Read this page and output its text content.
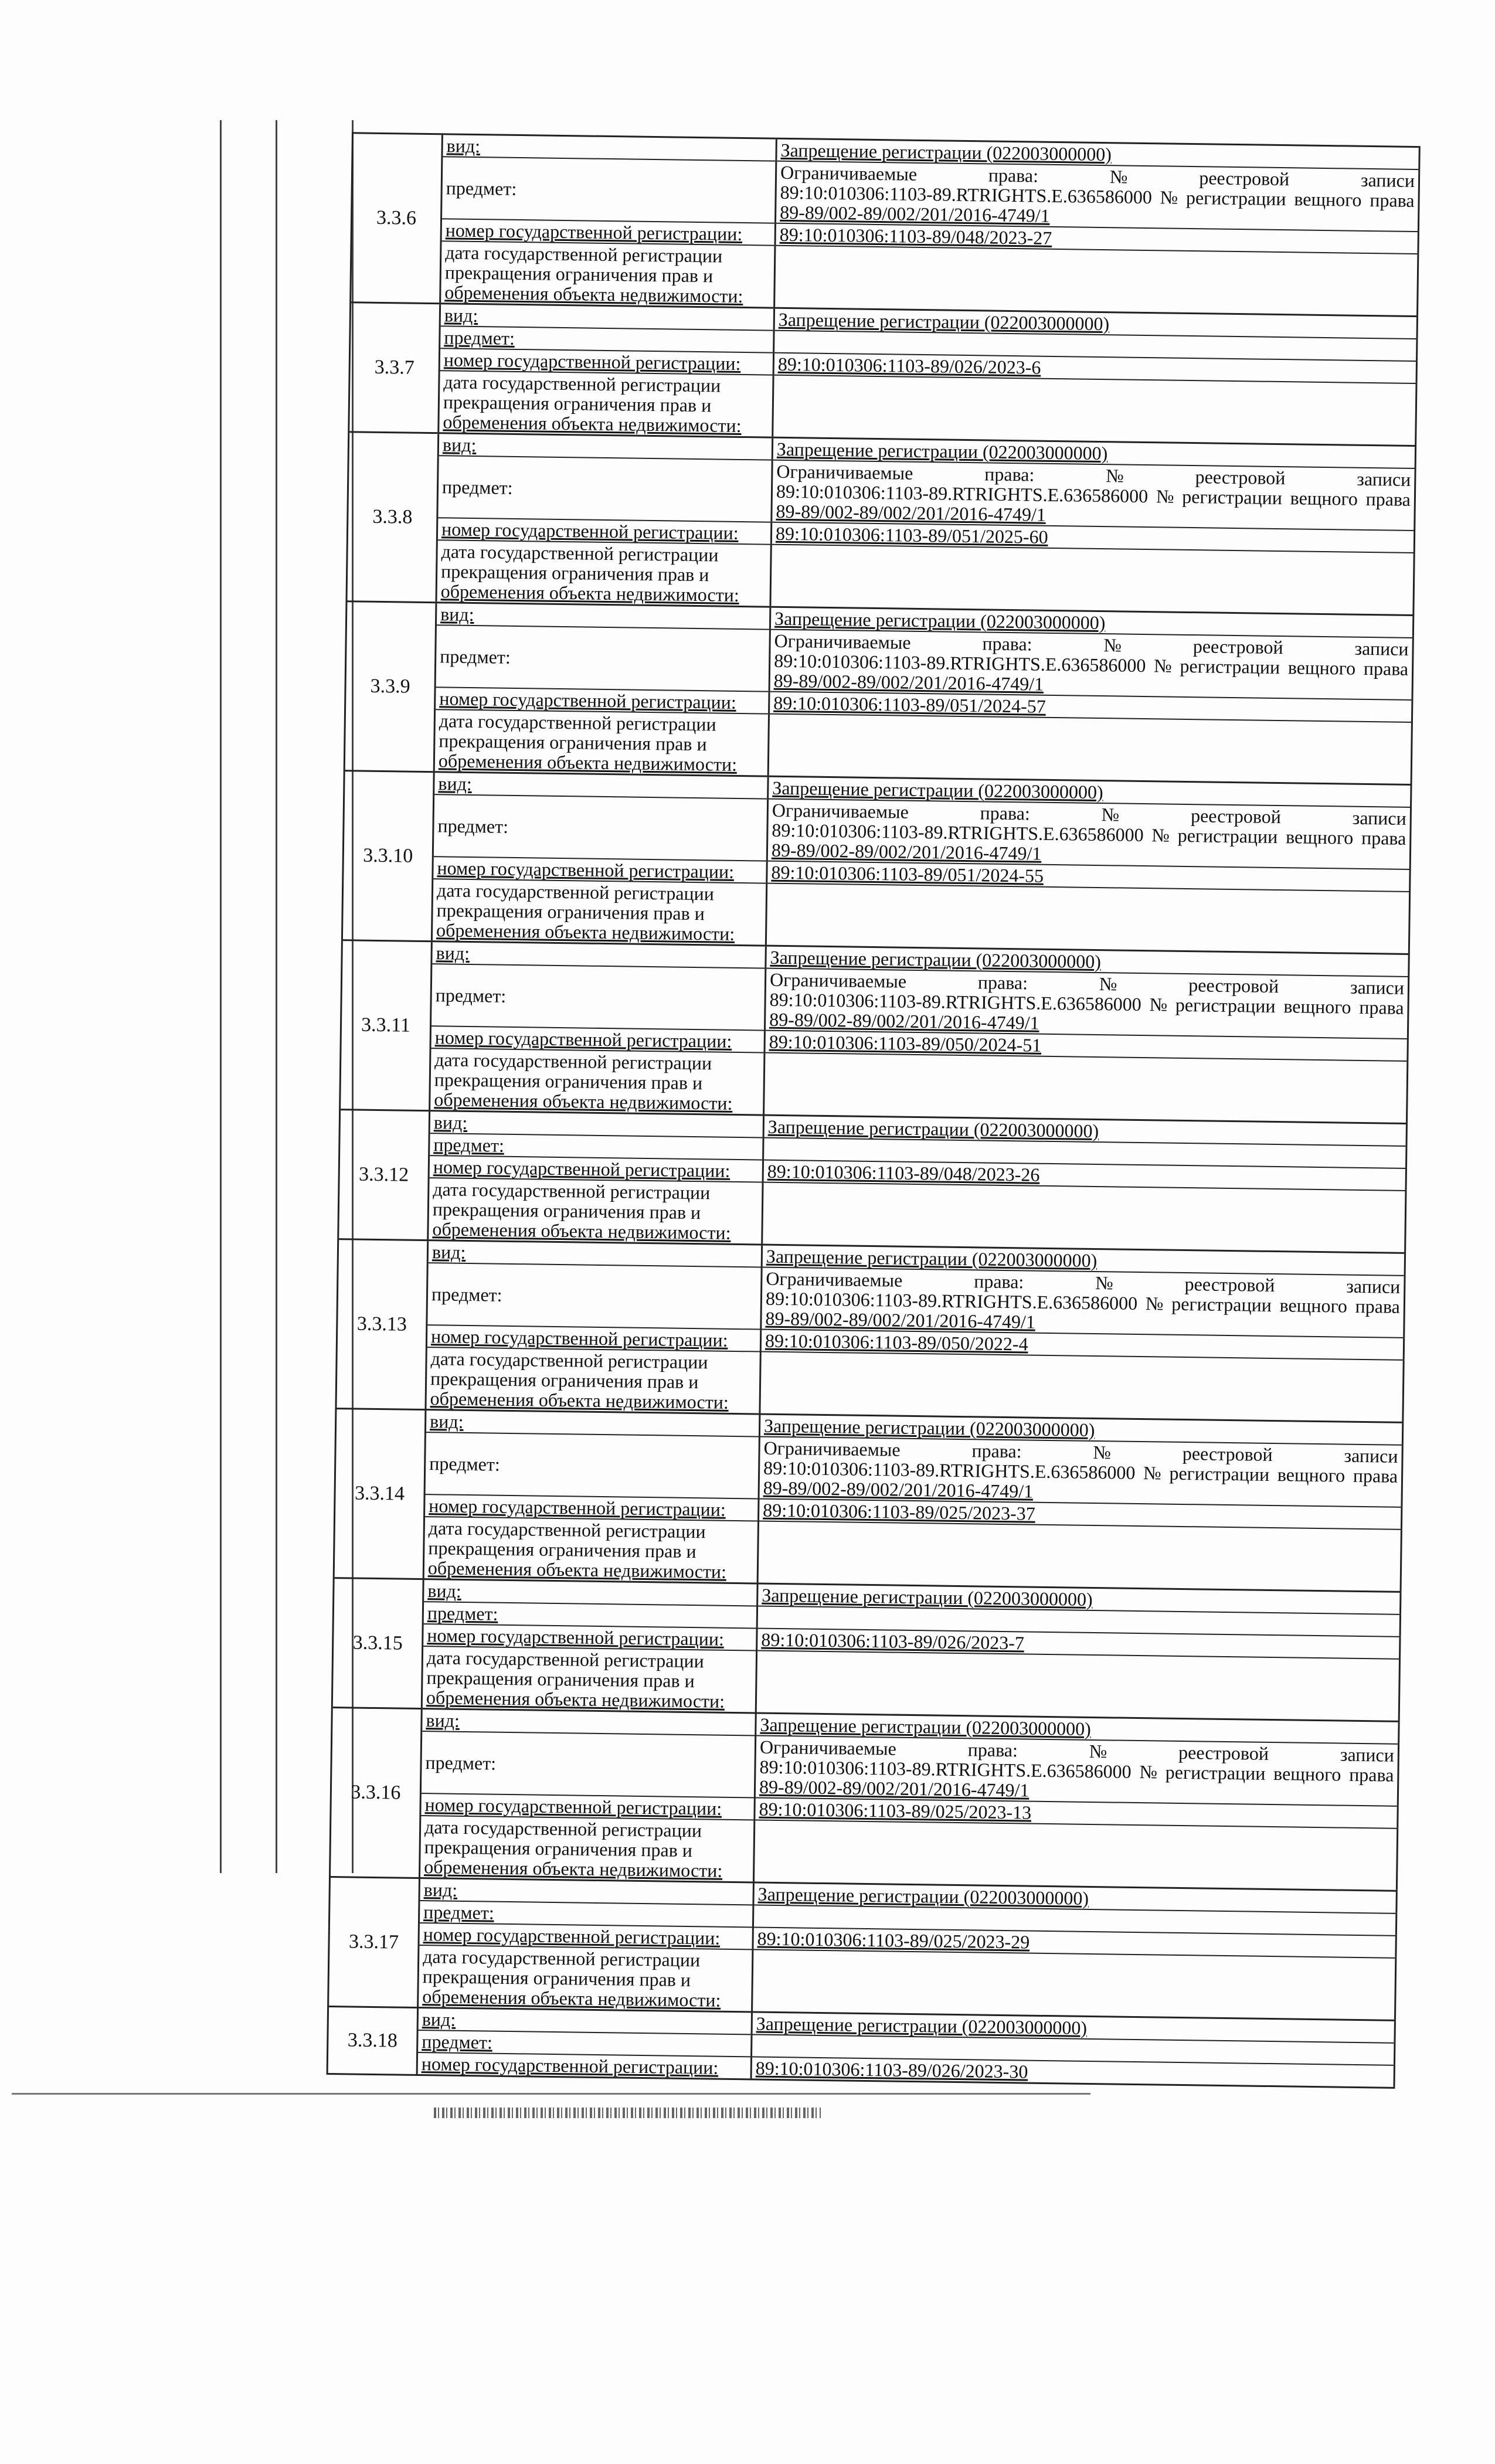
3.3.6
вид:	Запрещение регистрации (022003000000)
предмет:
Ограничиваемые	права:	№	реестровой	записи
89:10:010306:1103-89.RTRIGHTS.E.636586000 № регистрации вещного права
89-89/002-89/002/201/2016-4749/1
номер государственной регистрации:	89:10:010306:1103-89/048/2023-27
дата государственной регистрации
прекращения ограничения прав и
обременения объекта недвижимости:
3.3.7
вид:	Запрещение регистрации (022003000000)
предмет:
номер государственной регистрации:	89:10:010306:1103-89/026/2023-6
дата государственной регистрации
прекращения ограничения прав и
обременения объекта недвижимости:
3.3.8
вид:	Запрещение регистрации (022003000000)
предмет:
Ограничиваемые	права:	№	реестровой	записи
89:10:010306:1103-89.RTRIGHTS.E.636586000 № регистрации вещного права
89-89/002-89/002/201/2016-4749/1
номер государственной регистрации:	89:10:010306:1103-89/051/2025-60
дата государственной регистрации
прекращения ограничения прав и
обременения объекта недвижимости:
3.3.9
вид:	Запрещение регистрации (022003000000)
предмет:
Ограничиваемые	права:	№	реестровой	записи
89:10:010306:1103-89.RTRIGHTS.E.636586000 № регистрации вещного права
89-89/002-89/002/201/2016-4749/1
номер государственной регистрации:	89:10:010306:1103-89/051/2024-57
дата государственной регистрации
прекращения ограничения прав и
обременения объекта недвижимости:
3.3.10
вид:	Запрещение регистрации (022003000000)
предмет:
Ограничиваемые	права:	№	реестровой	записи
89:10:010306:1103-89.RTRIGHTS.E.636586000 № регистрации вещного права
89-89/002-89/002/201/2016-4749/1
номер государственной регистрации:	89:10:010306:1103-89/051/2024-55
дата государственной регистрации
прекращения ограничения прав и
обременения объекта недвижимости:
3.3.11
вид:	Запрещение регистрации (022003000000)
предмет:
Ограничиваемые	права:	№	реестровой	записи
89:10:010306:1103-89.RTRIGHTS.E.636586000 № регистрации вещного права
89-89/002-89/002/201/2016-4749/1
номер государственной регистрации:	89:10:010306:1103-89/050/2024-51
дата государственной регистрации
прекращения ограничения прав и
обременения объекта недвижимости:
3.3.12
вид:	Запрещение регистрации (022003000000)
предмет:
номер государственной регистрации:	89:10:010306:1103-89/048/2023-26
дата государственной регистрации
прекращения ограничения прав и
обременения объекта недвижимости:
3.3.13
вид:	Запрещение регистрации (022003000000)
предмет:
Ограничиваемые	права:	№	реестровой	записи
89:10:010306:1103-89.RTRIGHTS.E.636586000 № регистрации вещного права
89-89/002-89/002/201/2016-4749/1
номер государственной регистрации:	89:10:010306:1103-89/050/2022-4
дата государственной регистрации
прекращения ограничения прав и
обременения объекта недвижимости:
3.3.14
вид:	Запрещение регистрации (022003000000)
предмет:
Ограничиваемые	права:	№	реестровой	записи
89:10:010306:1103-89.RTRIGHTS.E.636586000 № регистрации вещного права
89-89/002-89/002/201/2016-4749/1
номер государственной регистрации:	89:10:010306:1103-89/025/2023-37
дата государственной регистрации
прекращения ограничения прав и
обременения объекта недвижимости:
3.3.15
вид:	Запрещение регистрации (022003000000)
предмет:
номер государственной регистрации:	89:10:010306:1103-89/026/2023-7
дата государственной регистрации
прекращения ограничения прав и
обременения объекта недвижимости:
3.3.16
вид:	Запрещение регистрации (022003000000)
предмет:
Ограничиваемые	права:	№	реестровой	записи
89:10:010306:1103-89.RTRIGHTS.E.636586000 № регистрации вещного права
89-89/002-89/002/201/2016-4749/1
номер государственной регистрации:	89:10:010306:1103-89/025/2023-13
дата государственной регистрации
прекращения ограничения прав и
обременения объекта недвижимости:
3.3.17
вид:	Запрещение регистрации (022003000000)
предмет:
номер государственной регистрации:	89:10:010306:1103-89/025/2023-29
дата государственной регистрации
прекращения ограничения прав и
обременения объекта недвижимости:
3.3.18
вид:	Запрещение регистрации (022003000000)
предмет:
номер государственной регистрации:	89:10:010306:1103-89/026/2023-30
